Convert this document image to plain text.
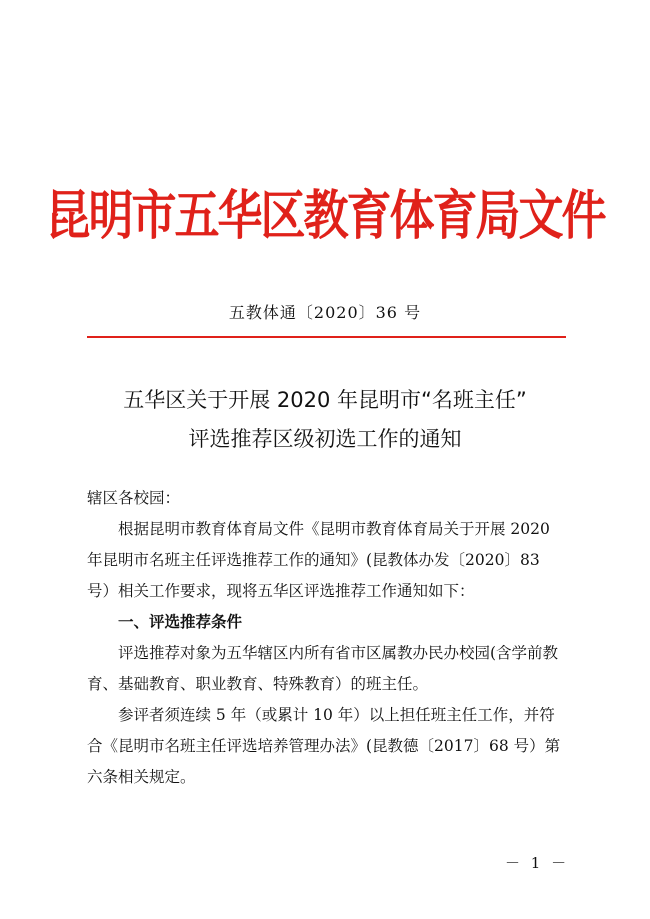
昆明市五华区教育体育局文件
五教体通〔2020〕36 号
五华区关于开展 2020 年昆明市“名班主任”
评选推荐区级初选工作的通知

辖区各校园：

根据昆明市教育体育局文件《昆明市教育体育局关于开展 2020 年昆明市名班主任评选推荐工作的通知》(昆教体办发〔2020〕83 号）相关工作要求，现将五华区评选推荐工作通知如下：

一、评选推荐条件

评选推荐对象为五华辖区内所有省市区属教办民办校园(含学前教育、基础教育、职业教育、特殊教育）的班主任。

参评者须连续 5 年（或累计 10 年）以上担任班主任工作，并符合《昆明市名班主任评选培养管理办法》(昆教德〔2017〕68 号）第六条相关规定。

－ 1 －
